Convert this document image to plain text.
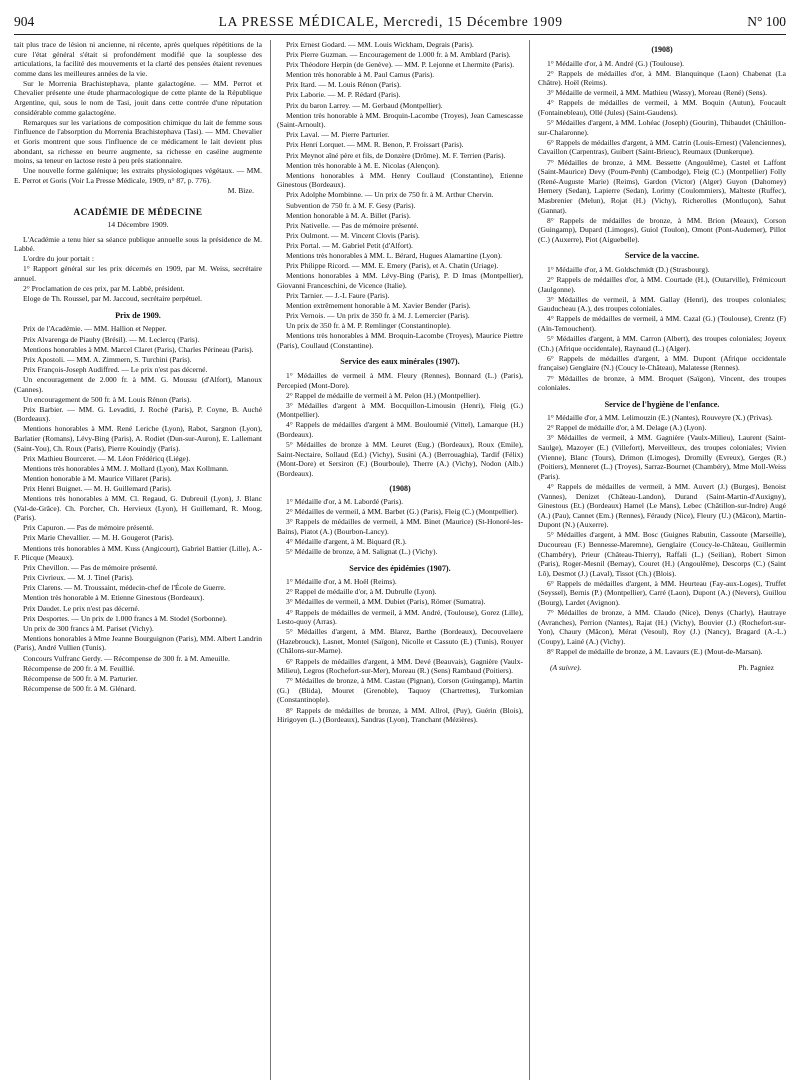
904	LA PRESSE MÉDICALE, Mercredi, 15 Décembre 1909	N° 100

tait plus trace de lésion ni ancienne, ni récente, après quelques répétitions de la cure l'état général s'était si profondément modifié que la souplesse des articulations, la facilité des mouvements et la clarté des pensées étaient revenues comme dans les meilleures années de la vie.

Sur le Morrenia Brachistephava, plante galactogène. — MM. Perrot et Chevalier présente une étude pharmacologique de cette plante de la République Argentine, qui, sous le nom de Tasi, jouit dans cette contrée d'une réputation considérable comme galactogène.

Remarques sur les variations de composition chimique du lait de femme sous l'influence de l'absorption du Morrenia Brachistephava (Tasi). — MM. Chevalier et Goris montrent que sous l'influence de ce médicament le lait devient plus abondant, sa richesse en beurre augmente, sa richesse en caséine augmente moins, sa teneur en lactose reste à peu près stationnaire.

Une nouvelle forme galénique; les extraits physiologiques végétaux. — MM. E. Perrot et Goris (Voir La Presse Médicale, 1909, n° 87, p. 776).

M. Bize.

ACADÉMIE DE MÉDECINE
14 Décembre 1909.

L'Académie a tenu hier sa séance publique annuelle sous la présidence de M. Labbé.

L'ordre du jour portait :

1° Rapport général sur les prix décernés en 1909, par M. Weiss, secrétaire annuel.

2° Proclamation de ces prix, par M. Labbé, président.

Eloge de Th. Roussel, par M. Jaccoud, secrétaire perpétuel.

Prix de 1909.

Prix de l'Académie. — MM. Hallion et Nepper.

Prix Alvarenga de Piauhy (Brésil). — M. Leclercq (Paris).

Mentions honorables à MM. Marcel Claret (Paris), Charles Périneau (Paris).

Prix Apostoli. — MM. A. Zimmern, S. Turchini (Paris).

Prix François-Joseph Audiffred. — Le prix n'est pas décerné.

Un encouragement de 2.000 fr. à MM. G. Moussu (d'Alfort), Manoux (Cannes).

Un encouragement de 500 fr. à M. Louis Rénon (Paris).

Prix Barbier. — MM. G. Levaditi, J. Roché (Paris), P. Coyne, B. Auché (Bordeaux).

Mentions honorables à MM. René Leriche (Lyon), Rabot, Sargnon (Lyon), Barlatier (Romans), Lévy-Bing (Paris), A. Rodiet (Dun-sur-Auron), E. Lallemant (Saint-You), Ch. Roux (Paris), Pierre Kouindjy (Paris).

Prix Mathieu Bourceret. — M. Léon Frédéricq (Liége).

Mentions très honorables à MM. J. Mollard (Lyon), Max Kollmann.

Mention honorable à M. Maurice Villaret (Paris).

Prix Henri Buignet. — M. H. Guillemard (Paris).

Mentions très honorables à MM. Cl. Regaud, G. Dubreuil (Lyon), J. Blanc (Val-de-Grâce). Ch. Porcher, Ch. Hervieux (Lyon), H Guillemard, R. Moog, (Paris).

Prix Capuron. — Pas de mémoire présenté.

Prix Marie Chevallier. — M. H. Gougerot (Paris).

Mentions très honorables à MM. Kuss (Angicourt), Gabriel Battier (Lille), A.-F. Plicque (Meaux).

Prix Chevillon. — Pas de mémoire présenté.

Prix Civrieux. — M. J. Tinel (Paris).

Prix Clarens. — M. Troussaint, médecin-chef de l'École de Guerre.

Mention très honorable à M. Etienne Ginestous (Bordeaux).

Prix Daudet. Le prix n'est pas décerné.

Prix Desportes. — Un prix de 1.000 francs à M. Stodel (Sorbonne).

Un prix de 300 francs à M. Pariset (Vichy).

Mentions honorables à Mme Jeanne Bourguignon (Paris), MM. Albert Landrin (Paris), André Vullien (Tunis).

Concours Vulfranc Gerdy. — Récompense de 300 fr. à M. Ameuille.

Récompense de 200 fr. à M. Feuillié.

Récompense de 500 fr. à M. Parturier.

Récompense de 500 fr. à M. Glénard.

Prix Ernest Godard. — MM. Louis Wickham, Degrais (Paris).

Prix Pierre Guzman. — Encouragement de 1.000 fr. à M. Amblard (Paris).

Prix Théodore Herpin (de Genève). — MM. P. Lejonne et Lhermite (Paris).

Mention très honorable à M. Paul Camus (Paris).

Prix Itard. — M. Louis Rénon (Paris).

Prix Laborie. — M. P. Rédard (Paris).

Prix du baron Larrey. — M. Gerbaud (Montpellier).

Mention très honorable à MM. Broquin-Lacombe (Troyes), Jean Camescasse (Saint-Arnoult).

Prix Laval. — M. Pierre Parturier.

Prix Henri Lorquet. — MM. R. Benon, P. Froissart (Paris).

Prix Meynot aîné père et fils, de Donzère (Drôme). M. F. Terrien (Paris).

Mention très honorable à M. E. Nicolas (Alençon).

Mentions honorables à MM. Henry Coullaud (Constantine), Etienne Ginestous (Bordeaux).

Prix Adolphe Mombinne. — Un prix de 750 fr. à M. Arthur Chervin.

Subvention de 750 fr. à M. F. Gesy (Paris).

Mention honorable à M. A. Billet (Paris).

Prix Nativelle. — Pas de mémoire présenté.

Prix Oulmont. — M. Vincent Clovis (Paris).

Prix Portal. — M. Gabriel Petit (d'Alfort).

Mentions très honorables à MM. L. Bérard, Hugues Alamartine (Lyon).

Prix Philippe Ricord. — MM. E. Emery (Paris), et A. Chatin (Uriage).

Mentions honorables à MM. Lévy-Bing (Paris), P. D Imas (Montpellier), Giovanni Franceschini, de Vicence (Italie).

Prix Tarnier. — J.-L Faure (Paris).

Mention extrêmement honorable à M. Xavier Bender (Paris).

Prix Vernois. — Un prix de 350 fr. à M. J. Lemercier (Paris).

Un prix de 350 fr. à M. P. Remlinger (Constantinople).

Mentions très honorables à MM. Broquin-Lacombe (Troyes), Maurice Piettre (Paris), Coullaud (Constantine).

Service des eaux minérales (1907).

1° Médailles de vermeil à MM. Fleury (Rennes), Bonnard (L.) (Paris), Percepied (Mont-Dore).

2° Rappel de médaille de vermeil à M. Pelon (H.) (Montpellier).

3° Médailles d'argent à MM. Bocquillon-Limousin (Henri), Fleig (G.) (Montpellier).

4° Rappels de médailles d'argent à MM. Bouloumié (Vittel), Lamarque (H.) (Bordeaux).

5° Médailles de bronze à MM. Leuret (Eug.) (Bordeaux), Roux (Emile), Saint-Nectaire, Sollaud (Ed.) (Vichy), Susini (A.) (Berrouaghia), Tardif (Félix) (Mont-Dore) et Sersiron (F.) (Bourboule), Therre (A.) (Vichy), Nodon (Alb.) (Bordeaux).

(1908)

1° Médaille d'or, à M. Labordé (Paris).

2° Médailles de vermeil, à MM. Barbet (G.) (Paris), Fleig (C.) (Montpellier).

3° Rappels de médailles de vermeil, à MM. Binet (Maurice) (St-Honoré-les-Bains), Piatot (A.) (Bourbon-Lancy).

4° Médaille d'argent, à M. Biquard (R.).

5° Médaille de bronze, à M. Salignat (L.) (Vichy).

Service des épidémies (1907).

1° Médaille d'or, à M. Hoël (Reims).

2° Rappel de médaille d'or, à M. Dubrulle (Lyon).

3° Médailles de vermeil, à MM. Dubiet (Paris), Römer (Sumatra).

4° Rappels de médailles de vermeil, à MM. André, (Toulouse), Gorez (Lille), Lesto-quoy (Arras).

5° Médailles d'argent, à MM. Blarez, Barthe (Bordeaux), Decouvelaere (Hazebrouck), Lasnet, Montel (Saïgon), Nicolle et Cassuto (E.) (Tunis), Rouyer (Châlons-sur-Marne).

6° Rappels de médailles d'argent, à MM. Devé (Beauvais), Gagnière (Vaulx-Milieu), Legros (Rochefort-sur-Mer), Moreau (R.) (Sens) Rambaud (Poitiers).

7° Médailles de bronze, à MM. Castau (Pignan), Corson (Guingamp), Martin (G.) (Blida), Mouret (Grenoble), Taquoy (Chartrettes), Turkomian (Constantinople).

8° Rappels de médailles de bronze, à MM. Allrol, (Puy), Guérin (Blois), Hirigoyen (L.) (Bordeaux), Sandras (Lyon), Tranchant (Mézières).

(1908)

1° Médaille d'or, à M. André (G.) (Toulouse).

2° Rappels de médailles d'or, à MM. Blanquinque (Laon) Chabenat (La Châtre). Hoël (Reims).

3° Médaille de vermeil, à MM. Mathieu (Wassy), Moreau (René) (Sens).

4° Rappels de médailles de vermeil, à MM. Boquin (Autun), Foucault (Fontainebleau), Ollé (Jules) (Saint-Gaudens).

5° Médailles d'argent, à MM. Lohéac (Joseph) (Gourin), Thibaudet (Châtillon-sur-Chalaronne).

6° Rappels de médailles d'argent, à MM. Catrin (Louis-Ernest) (Valenciennes), Cavaillon (Carpentras), Guibert (Saint-Brieuc), Reumaux (Dunkerque).

7° Médailles de bronze, à MM. Bessette (Angoulême), Castel et Laffont (Saint-Maurice) Devy (Poum-Penh) (Cambodge), Fleig (C.) (Montpellier) Folly (René-Auguste Marie) (Reims), Gardon (Victor) (Alger) Guyon (Dahomey) Hemery (Sedan), Lapierre (Sedan), Lorimy (Coulommiers), Malteste (Ruffec), Masbrenier (Melun), Rojat (H.) (Vichy), Richerolles (Montluçon), Sahut (Gannat).

8° Rappels de médailles de bronze, à MM. Brion (Meaux), Corson (Guingamp), Dupard (Limoges), Guiol (Toulon), Omont (Pont-Audemer), Pillot (C.) (Auxerre), Piot (Aiguebelle).

Service de la vaccine.

1° Médaille d'or, à M. Goldschmidt (D.) (Strasbourg).

2° Rappels de médailles d'or, à MM. Courtade (H.), (Outarville), Frémicourt (Jaulgonne).

3° Médailles de vermeil, à MM. Gallay (Henri), des troupes coloniales; Gauducheau (A.), des troupes coloniales.

4° Rappels de médailles de vermeil, à MM. Cazal (G.) (Toulouse), Crentz (F) (Aïn-Temouchent).

5° Médailles d'argent, à MM. Carron (Albert), des troupes coloniales; Joyeux (Ch.) (Afrique occidentale), Raynaud (L.) (Alger).

6° Rappels de médailles d'argent, à MM. Dupont (Afrique occidentale française) Genglaire (N.) (Coucy le-Château), Malatesse (Rennes).

7° Médailles de bronze, à MM. Broquet (Saïgon), Vincent, des troupes coloniales.

Service de l'hygiène de l'enfance.

1° Médaille d'or, à MM. Lelimouzin (E.) (Nantes), Rouveyre (X.) (Privas).

2° Rappel de médaille d'or, à M. Delage (A.) (Lyon).

3° Médailles de vermeil, à MM. Gagnière (Vaulx-Milieu), Laurent (Saint-Saulge), Mazoyer (E.) (Villefort), Merveilleux, des troupes coloniales; Vivien (Vienne), Blanc (Tours), Drimon (Limoges), Dromilly (Evreux), Gerges (R.) (Poitiers), Menneret (L.) (Troyes), Sarraz-Bournet (Chambéry), Mme Moll-Weiss (Paris).

4° Rappels de médailles de vermeil, à MM. Auvert (J.) (Burges), Benoist (Vannes), Denizet (Château-Landon), Durand (Saint-Martin-d'Auxigny), Ginestous (Et.) (Bordeaux) Hamel (Le Mans), Lebec (Châtillon-sur-Indre) Augé (A.) (Pau), Cannet (Em.) (Rennes), Féraudy (Nice), Fleury (U.) (Mâcon), Martin-Dupont (N.) (Auxerre).

5° Médailles d'argent, à MM. Bosc (Guignes Rabutin, Cassoute (Marseille), Ducoureau (F.) Bennesse-Maremne), Genglaire (Coucy-le-Château, Guillermin (Chambéry), Prieur (Château-Thierry), Raffali (L.) (Seilian), Robert Simon (Paris), Roger-Mesnil (Bernay), Couret (H.) (Angoulême), Descorps (C.) (Saint Lô), Desmot (J.) (Laval), Tissot (Ch.) (Blois).

6° Rappels de médailles d'argent, à MM. Heurteau (Fay-aux-Loges), Truffet (Seyssel), Bernis (P.) (Montpellier), Carré (Laon), Dupont (A.) (Nevers), Guillou (Bourg), Lardet (Avignon).

7° Médailles de bronze, à MM. Claudo (Nice), Denys (Charly), Hautraye (Avranches), Perrion (Nantes), Rajat (H.) (Vichy), Bouvier (J.) (Rochefort-sur-Yon), Chaury (Mâcon), Mérat (Vesoul), Roy (J.) (Nancy), Bragard (A.-L.) (Coupy), Lainé (A.) (Vichy).

8° Rappel de médaille de bronze, à M. Lavaurs (E.) (Mout-de-Marsan).

(A suivre).	Ph. Pagniez
